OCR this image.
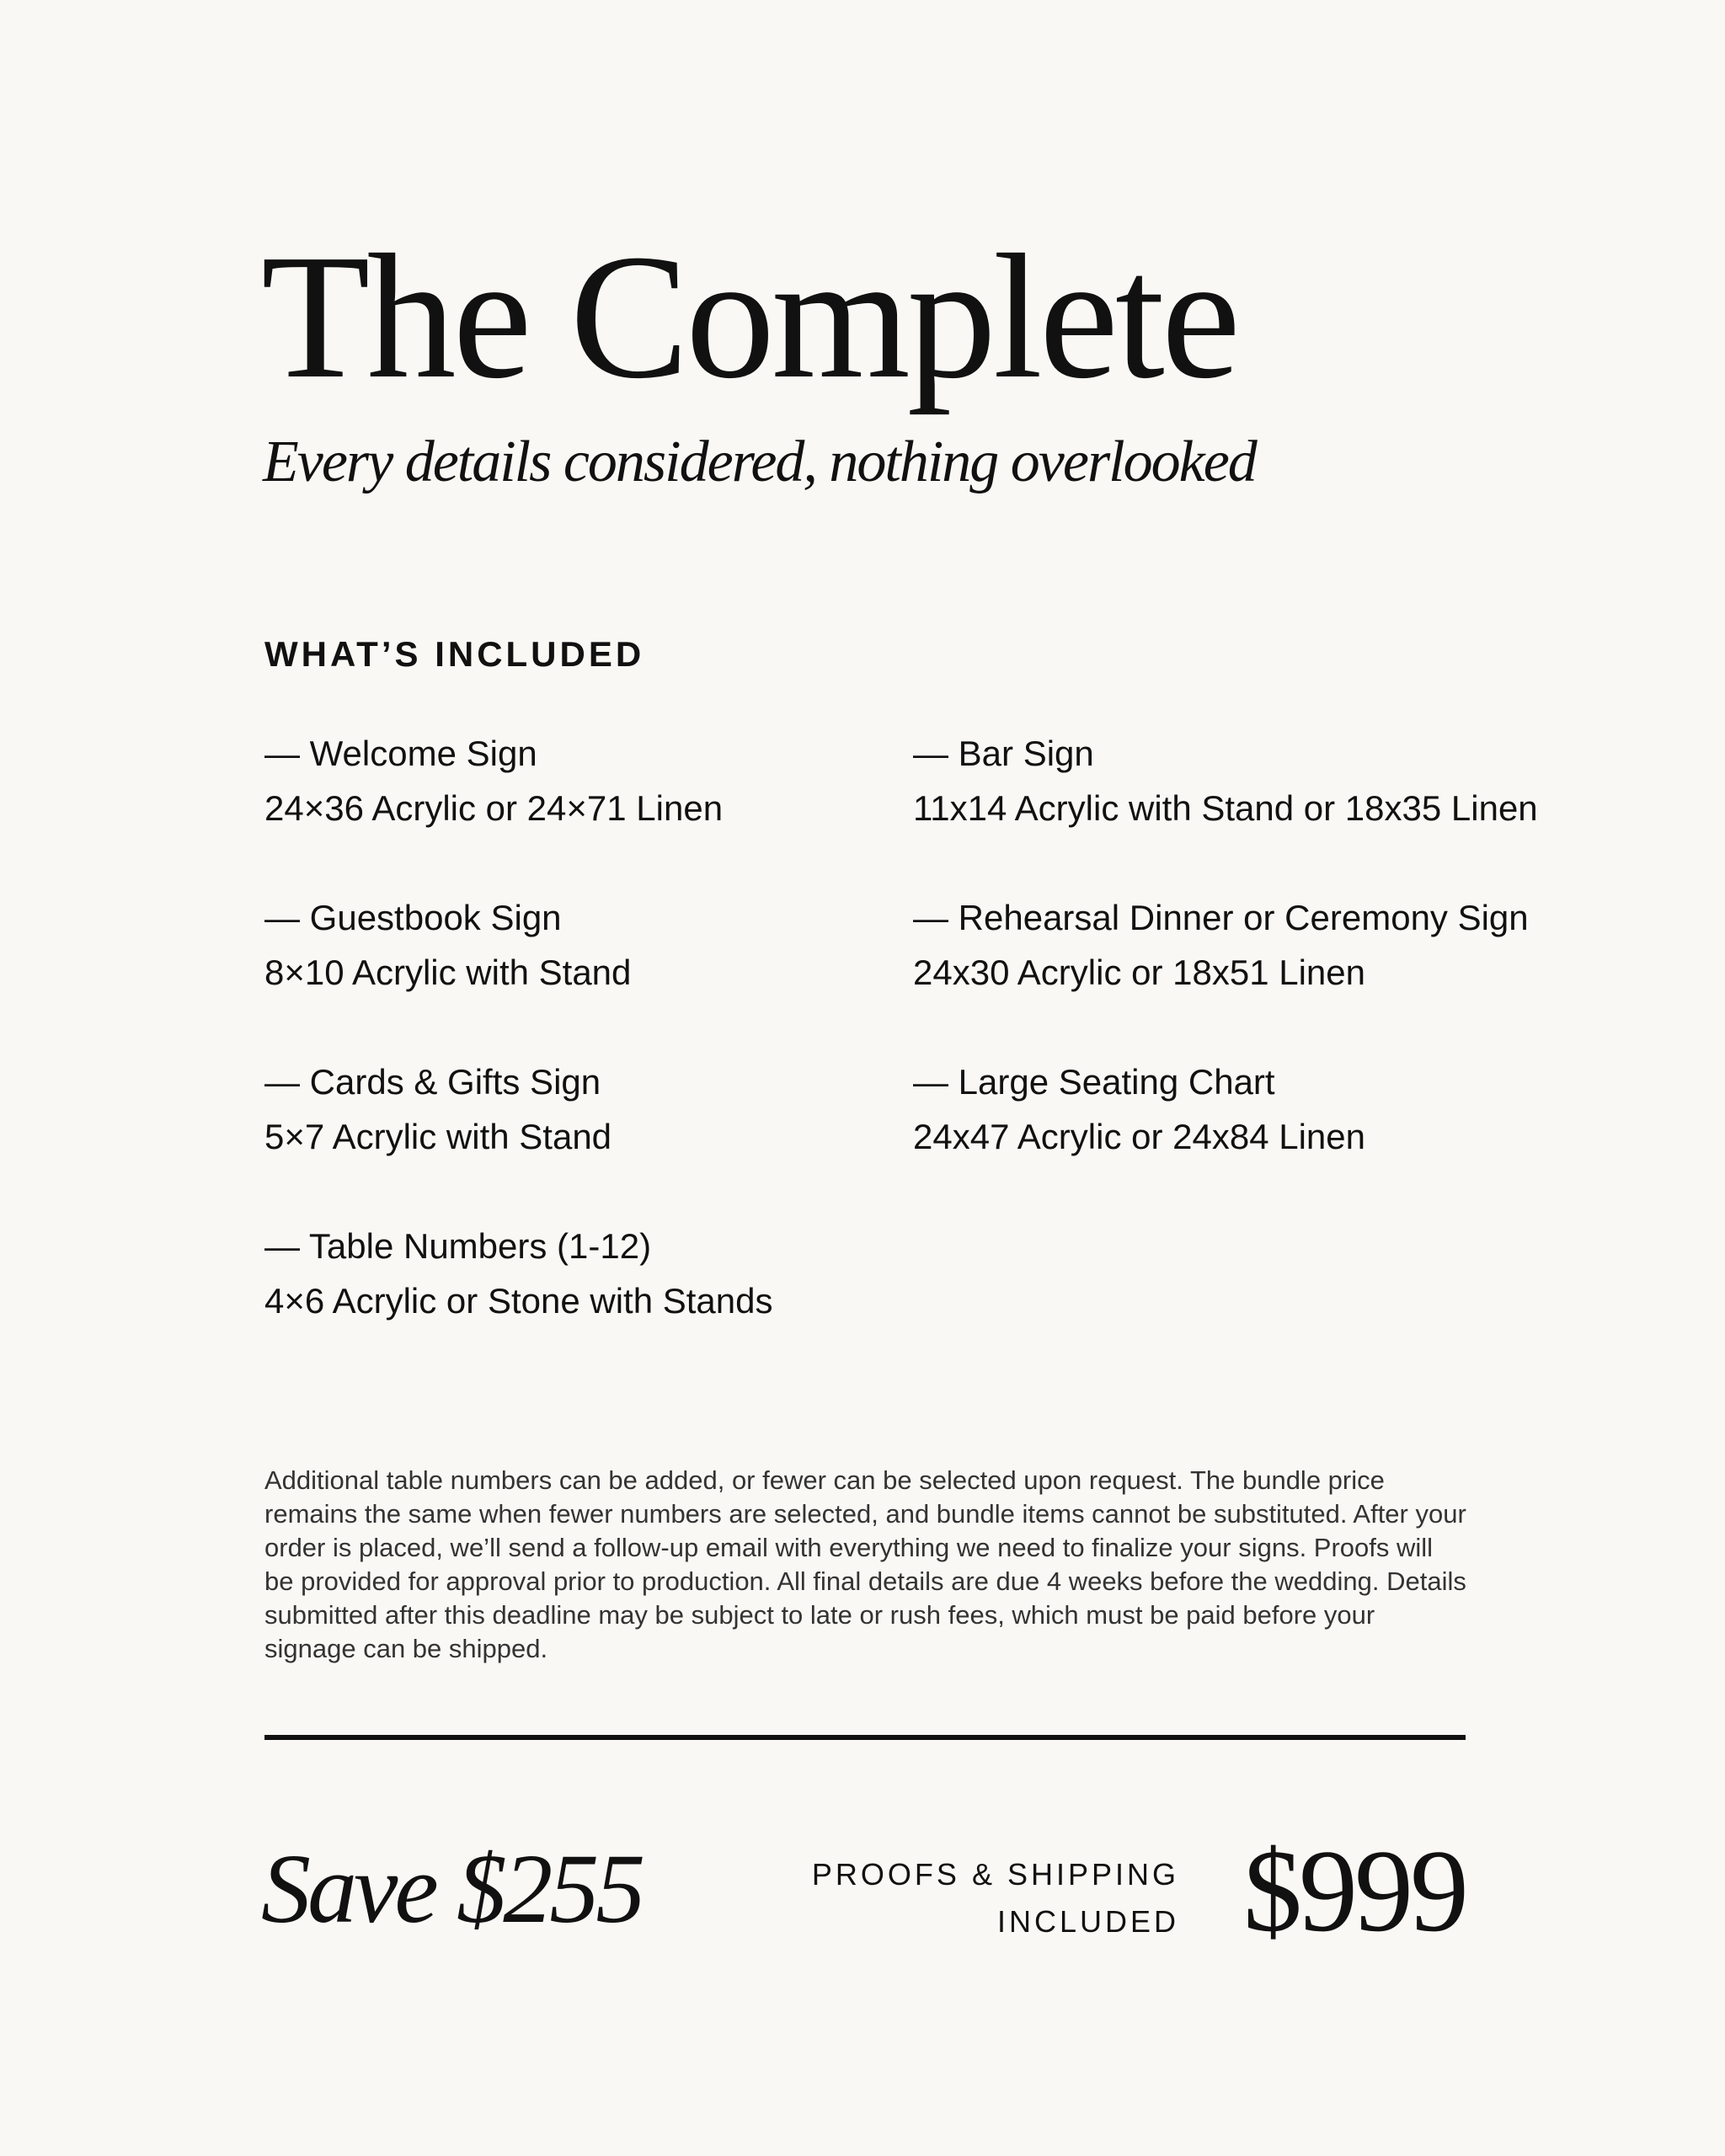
The Complete

Every details considered, nothing overlooked

WHAT’S INCLUDED
— Welcome Sign
24×36 Acrylic or 24×71 Linen
— Bar Sign
11x14 Acrylic with Stand or 18x35 Linen
— Guestbook Sign
8×10 Acrylic with Stand
— Rehearsal Dinner or Ceremony Sign
24x30 Acrylic or 18x51 Linen
— Cards & Gifts Sign
5×7 Acrylic with Stand
— Large Seating Chart
24x47 Acrylic or 24x84 Linen
— Table Numbers (1-12)
4×6 Acrylic or Stone with Stands

Additional table numbers can be added, or fewer can be selected upon request. The bundle price remains the same when fewer numbers are selected, and bundle items cannot be substituted. After your order is placed, we’ll send a follow-up email with everything we need to finalize your signs. Proofs will be provided for approval prior to production. All final details are due 4 weeks before the wedding. Details submitted after this deadline may be subject to late or rush fees, which must be paid before your signage can be shipped.

Save $255	PROOFS & SHIPPING
INCLUDED $999
